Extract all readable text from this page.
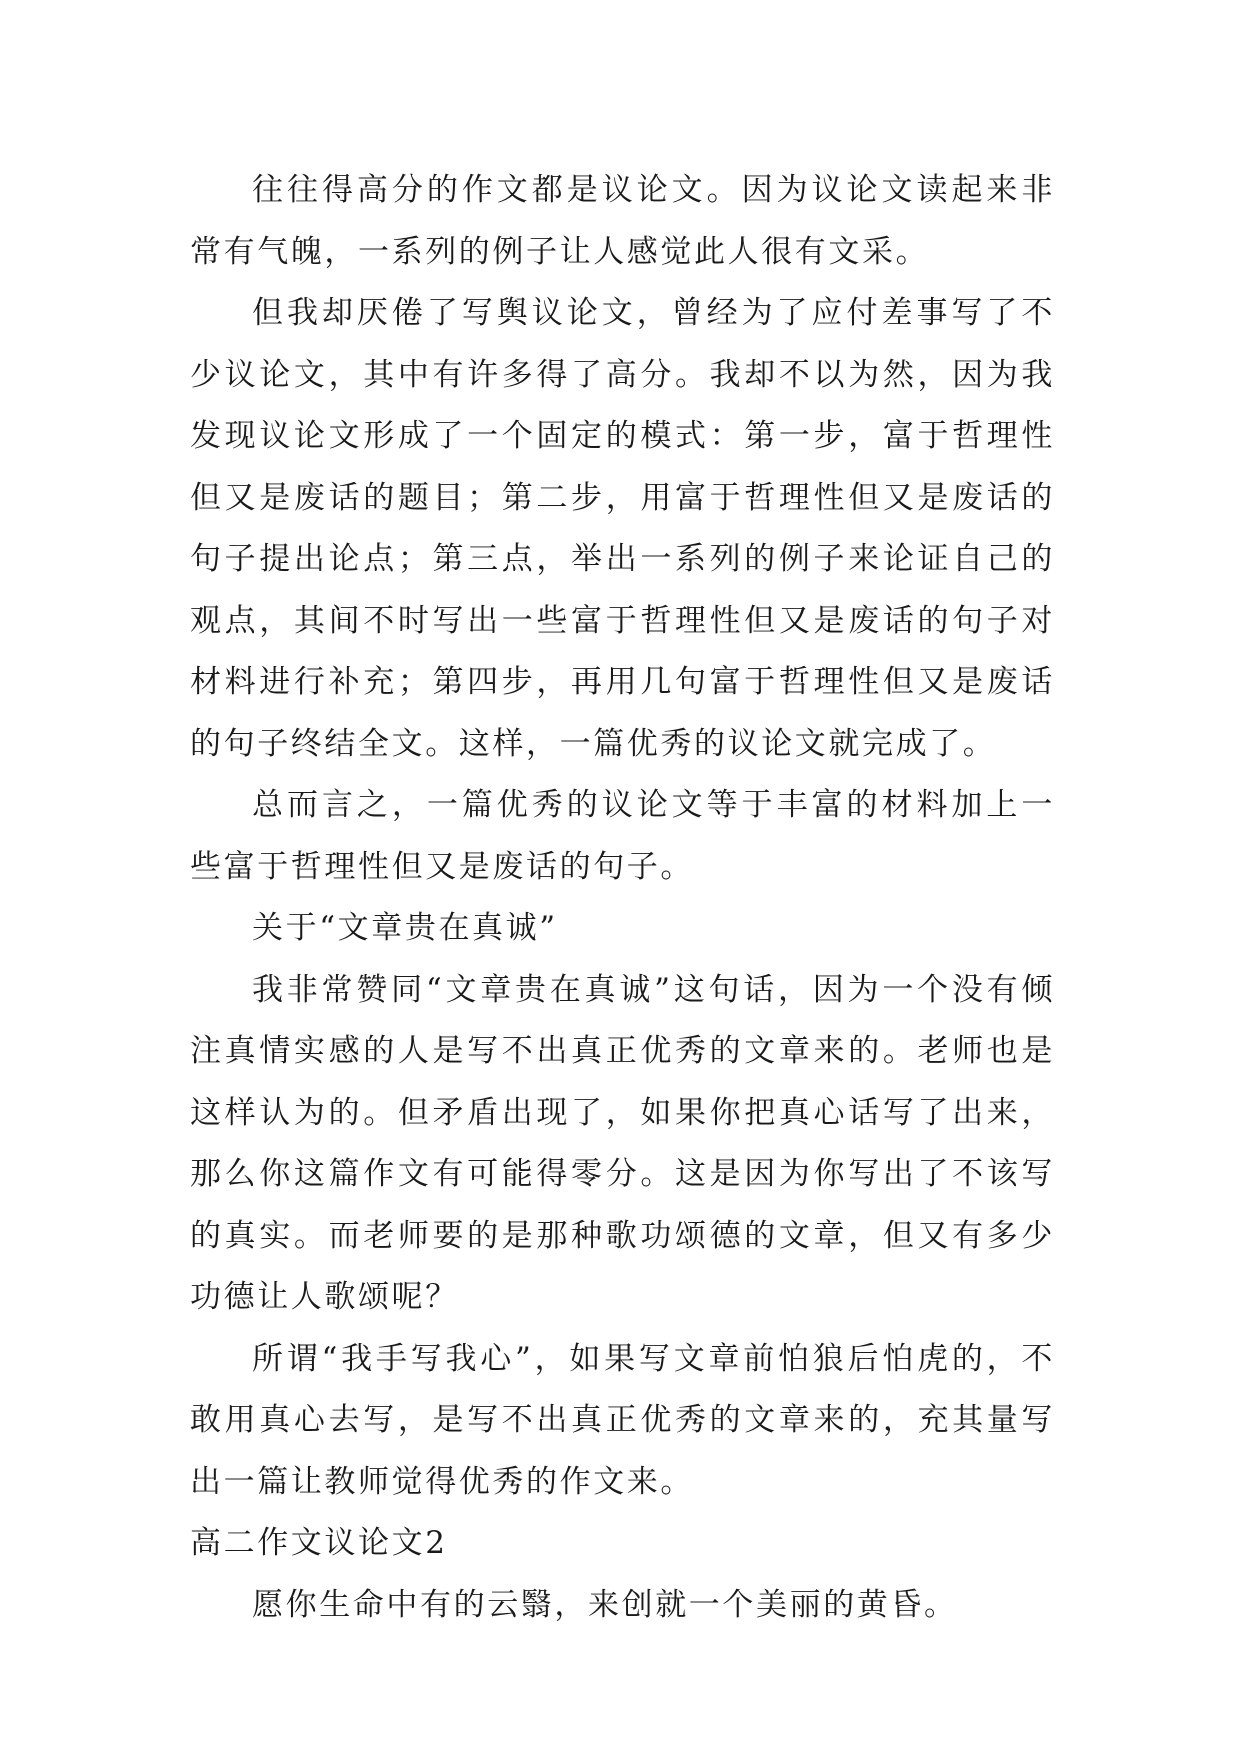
往往得高分的作文都是议论文。因为议论文读起来非常有气魄，一系列的例子让人感觉此人很有文采。

但我却厌倦了写舆议论文，曾经为了应付差事写了不少议论文，其中有许多得了高分。我却不以为然，因为我发现议论文形成了一个固定的模式：第一步，富于哲理性但又是废话的题目；第二步，用富于哲理性但又是废话的句子提出论点；第三点，举出一系列的例子来论证自己的观点，其间不时写出一些富于哲理性但又是废话的句子对材料进行补充；第四步，再用几句富于哲理性但又是废话的句子终结全文。这样，一篇优秀的议论文就完成了。

总而言之，一篇优秀的议论文等于丰富的材料加上一些富于哲理性但又是废话的句子。

关于“文章贵在真诚”

我非常赞同“文章贵在真诚”这句话，因为一个没有倾注真情实感的人是写不出真正优秀的文章来的。老师也是这样认为的。但矛盾出现了，如果你把真心话写了出来，那么你这篇作文有可能得零分。这是因为你写出了不该写的真实。而老师要的是那种歌功颂德的文章，但又有多少功德让人歌颂呢？

所谓“我手写我心”，如果写文章前怕狼后怕虎的，不敢用真心去写，是写不出真正优秀的文章来的，充其量写出一篇让教师觉得优秀的作文来。

高二作文议论文2

愿你生命中有的云翳，来创就一个美丽的黄昏。
